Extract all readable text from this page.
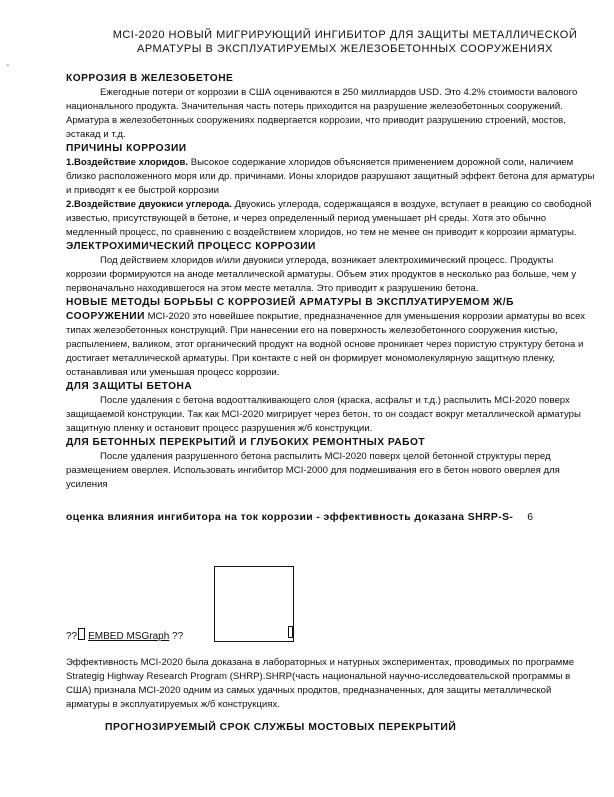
-
MCI-2020 НОВЫЙ МИГРИРУЮЩИЙ ИНГИБИТОР ДЛЯ ЗАЩИТЫ МЕТАЛЛИЧЕСКОЙ
АРМАТУРЫ В ЭКСПЛУАТИРУЕМЫХ ЖЕЛЕЗОБЕТОННЫХ СООРУЖЕНИЯХ
КОРРОЗИЯ В ЖЕЛЕЗОБЕТОНЕ

Ежегодные потери от коррозии в США оцениваются в 250 миллиардов USD. Это 4.2% стоимости валового национального продукта. Значительная часть потерь приходится на разрушение железобетонных сооружений. Арматура в железобетонных сооружениях подвергается коррозии, что приводит разрушению строений, мостов, эстакад и т.д.

ПРИЧИНЫ КОРРОЗИИ

1.Воздействие хлоридов. Высокое содержание хлоридов объясняется применением дорожной соли, наличием близко расположенного моря или др. причинами. Ионы хлоридов разрушают защитный эффект бетона для арматуры и приводят к ее быстрой коррозии

2.Воздействие двуокиси углерода. Двуокись углерода, содержащаяся в воздухе, вступает в реакцию со свободной известью, присутствующей в бетоне, и через определенный период уменьшает pH среды. Хотя это обычно медленный процесс, по сравнению с воздействием хлоридов, но тем не менее он приводит к коррозии арматуры.

ЭЛЕКТРОХИМИЧЕСКИЙ ПРОЦЕСС КОРРОЗИИ

Под действием хлоридов и/или двуокиси углерода, возникает электрохимический процесс. Продукты коррозии формируются на аноде металлической арматуры. Объем этих продуктов в несколько раз больше, чем у первоначально находившегося на этом месте металла. Это приводит к разрушению бетона.

НОВЫЕ МЕТОДЫ БОРЬБЫ С КОРРОЗИЕЙ АРМАТУРЫ В ЭКСПЛУАТИРУЕМОМ Ж/Б СООРУЖЕНИИ MCI-2020 это новейшее покрытие, предназначенное для уменьшения коррозии арматуры во всех типах железобетонных конструкций. При нанесении его на поверхность железобетонного сооружения кистью, распылением, валиком, этот органический продукт на водной основе проникает через пористую структуру бетона и достигает металлической арматуры. При контакте с ней он формирует мономолекулярную защитную пленку, останавливая или уменьшая процесс коррозии.

ДЛЯ ЗАЩИТЫ БЕТОНА

После удаления с бетона водоотталкивающего слоя (краска, асфальт и т.д.) распылить MCI-2020 поверх защищаемой конструкции. Так как MCI-2020 мигрирует через бетон, то он создаст вокруг металлической арматуры защитную пленку и остановит процесс разрушения ж/б конструкции.

ДЛЯ БЕТОННЫХ ПЕРЕКРЫТИЙ И ГЛУБОКИХ РЕМОНТНЫХ РАБОТ

После удаления разрушенного бетона распылить MCI-2020 поверх целой бетонной структуры перед размещением оверлея. Использовать ингибитор MCI-2000 для подмешивания его в бетон нового оверлея для усиления

оценка влияния ингибитора на ток коррозии - эффективность доказана SHRP-S- 6
?? EMBED MSGraph ??
Эффективность MCI-2020 была доказана в лабораторных и натурных экспериментах, проводимых по программе Strategig Highway Research Program (SHRP).SHRP(часть национальной научно-исследовательской программы в США) признала MCI-2020 одним из самых удачных продктов, предназначенных, для защиты металлической арматуры в эксплуатируемых ж/б конструкциях.
ПРОГНОЗИРУЕМЫЙ СРОК СЛУЖБЫ МОСТОВЫХ ПЕРЕКРЫТИЙ
